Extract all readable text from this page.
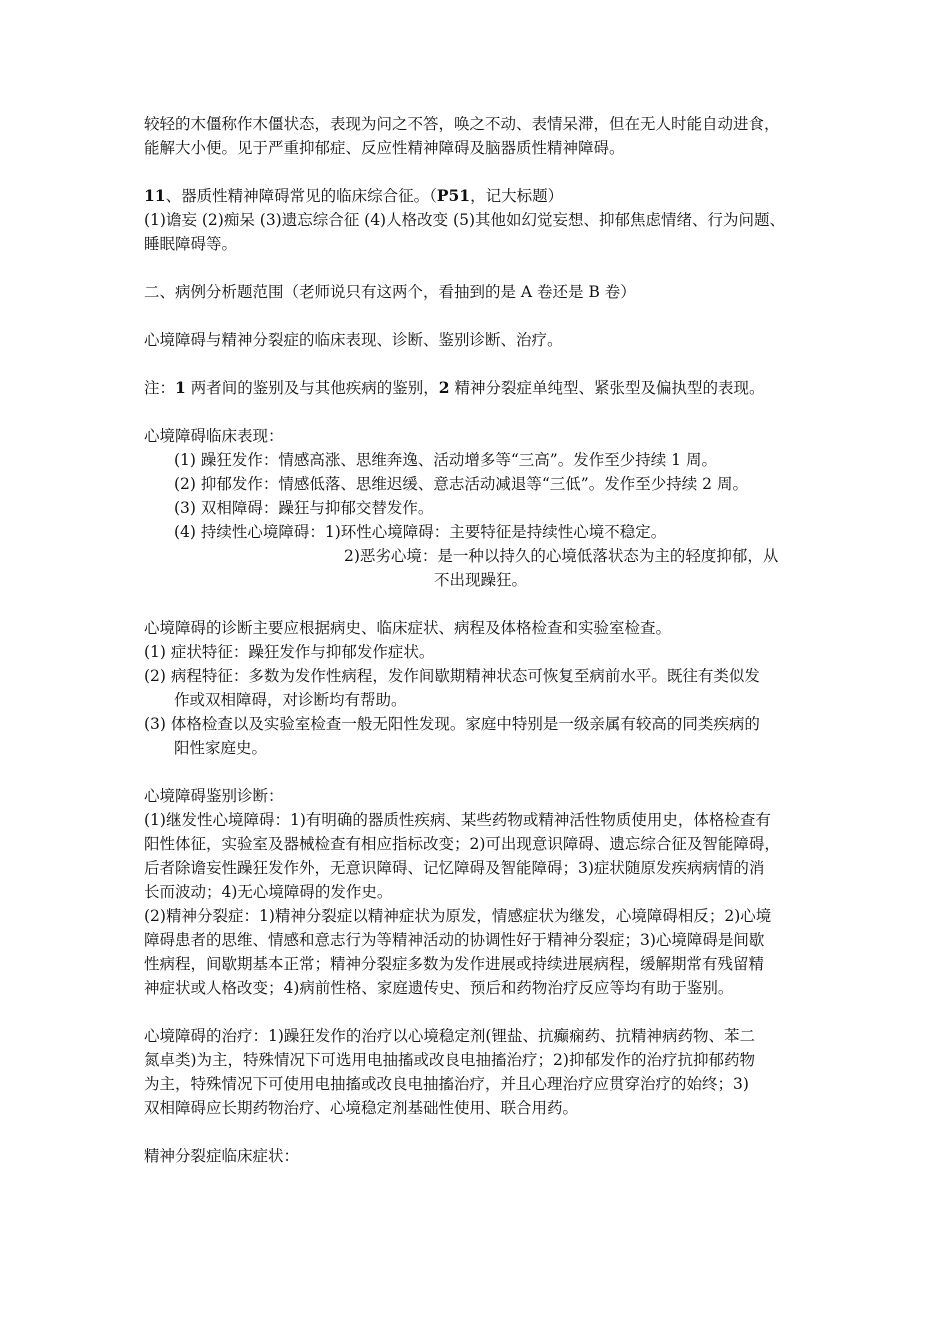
较轻的木僵称作木僵状态，表现为问之不答，唤之不动、表情呆滞，但在无人时能自动进食，

能解大小便。见于严重抑郁症、反应性精神障碍及脑器质性精神障碍。

11、器质性精神障碍常见的临床综合征。（P51，记大标题）

(1)谵妄 (2)痴呆 (3)遗忘综合征 (4)人格改变 (5)其他如幻觉妄想、抑郁焦虑情绪、行为问题、

睡眠障碍等。

二、病例分析题范围（老师说只有这两个，看抽到的是 A 卷还是 B 卷）

心境障碍与精神分裂症的临床表现、诊断、鉴别诊断、治疗。

注：1 两者间的鉴别及与其他疾病的鉴别，2 精神分裂症单纯型、紧张型及偏执型的表现。

心境障碍临床表现：

(1) 躁狂发作：情感高涨、思维奔逸、活动增多等“三高”。发作至少持续 1 周。

(2) 抑郁发作：情感低落、思维迟缓、意志活动减退等“三低”。发作至少持续 2 周。

(3) 双相障碍：躁狂与抑郁交替发作。

(4) 持续性心境障碍：1)环性心境障碍：主要特征是持续性心境不稳定。

2)恶劣心境：是一种以持久的心境低落状态为主的轻度抑郁，从

不出现躁狂。

心境障碍的诊断主要应根据病史、临床症状、病程及体格检查和实验室检查。

(1) 症状特征：躁狂发作与抑郁发作症状。

(2) 病程特征：多数为发作性病程，发作间歇期精神状态可恢复至病前水平。既往有类似发

作或双相障碍，对诊断均有帮助。

(3) 体格检查以及实验室检查一般无阳性发现。家庭中特别是一级亲属有较高的同类疾病的

阳性家庭史。

心境障碍鉴别诊断：

(1)继发性心境障碍：1)有明确的器质性疾病、某些药物或精神活性物质使用史，体格检查有

阳性体征，实验室及器械检查有相应指标改变；2)可出现意识障碍、遗忘综合征及智能障碍，

后者除谵妄性躁狂发作外，无意识障碍、记忆障碍及智能障碍；3)症状随原发疾病病情的消

长而波动；4)无心境障碍的发作史。

(2)精神分裂症：1)精神分裂症以精神症状为原发，情感症状为继发，心境障碍相反；2)心境

障碍患者的思维、情感和意志行为等精神活动的协调性好于精神分裂症；3)心境障碍是间歇

性病程，间歇期基本正常；精神分裂症多数为发作进展或持续进展病程，缓解期常有残留精

神症状或人格改变；4)病前性格、家庭遗传史、预后和药物治疗反应等均有助于鉴别。

心境障碍的治疗：1)躁狂发作的治疗以心境稳定剂(锂盐、抗癫痫药、抗精神病药物、苯二

氮卓类)为主，特殊情况下可选用电抽搐或改良电抽搐治疗；2)抑郁发作的治疗抗抑郁药物

为主，特殊情况下可使用电抽搐或改良电抽搐治疗，并且心理治疗应贯穿治疗的始终；3)

双相障碍应长期药物治疗、心境稳定剂基础性使用、联合用药。

精神分裂症临床症状：
